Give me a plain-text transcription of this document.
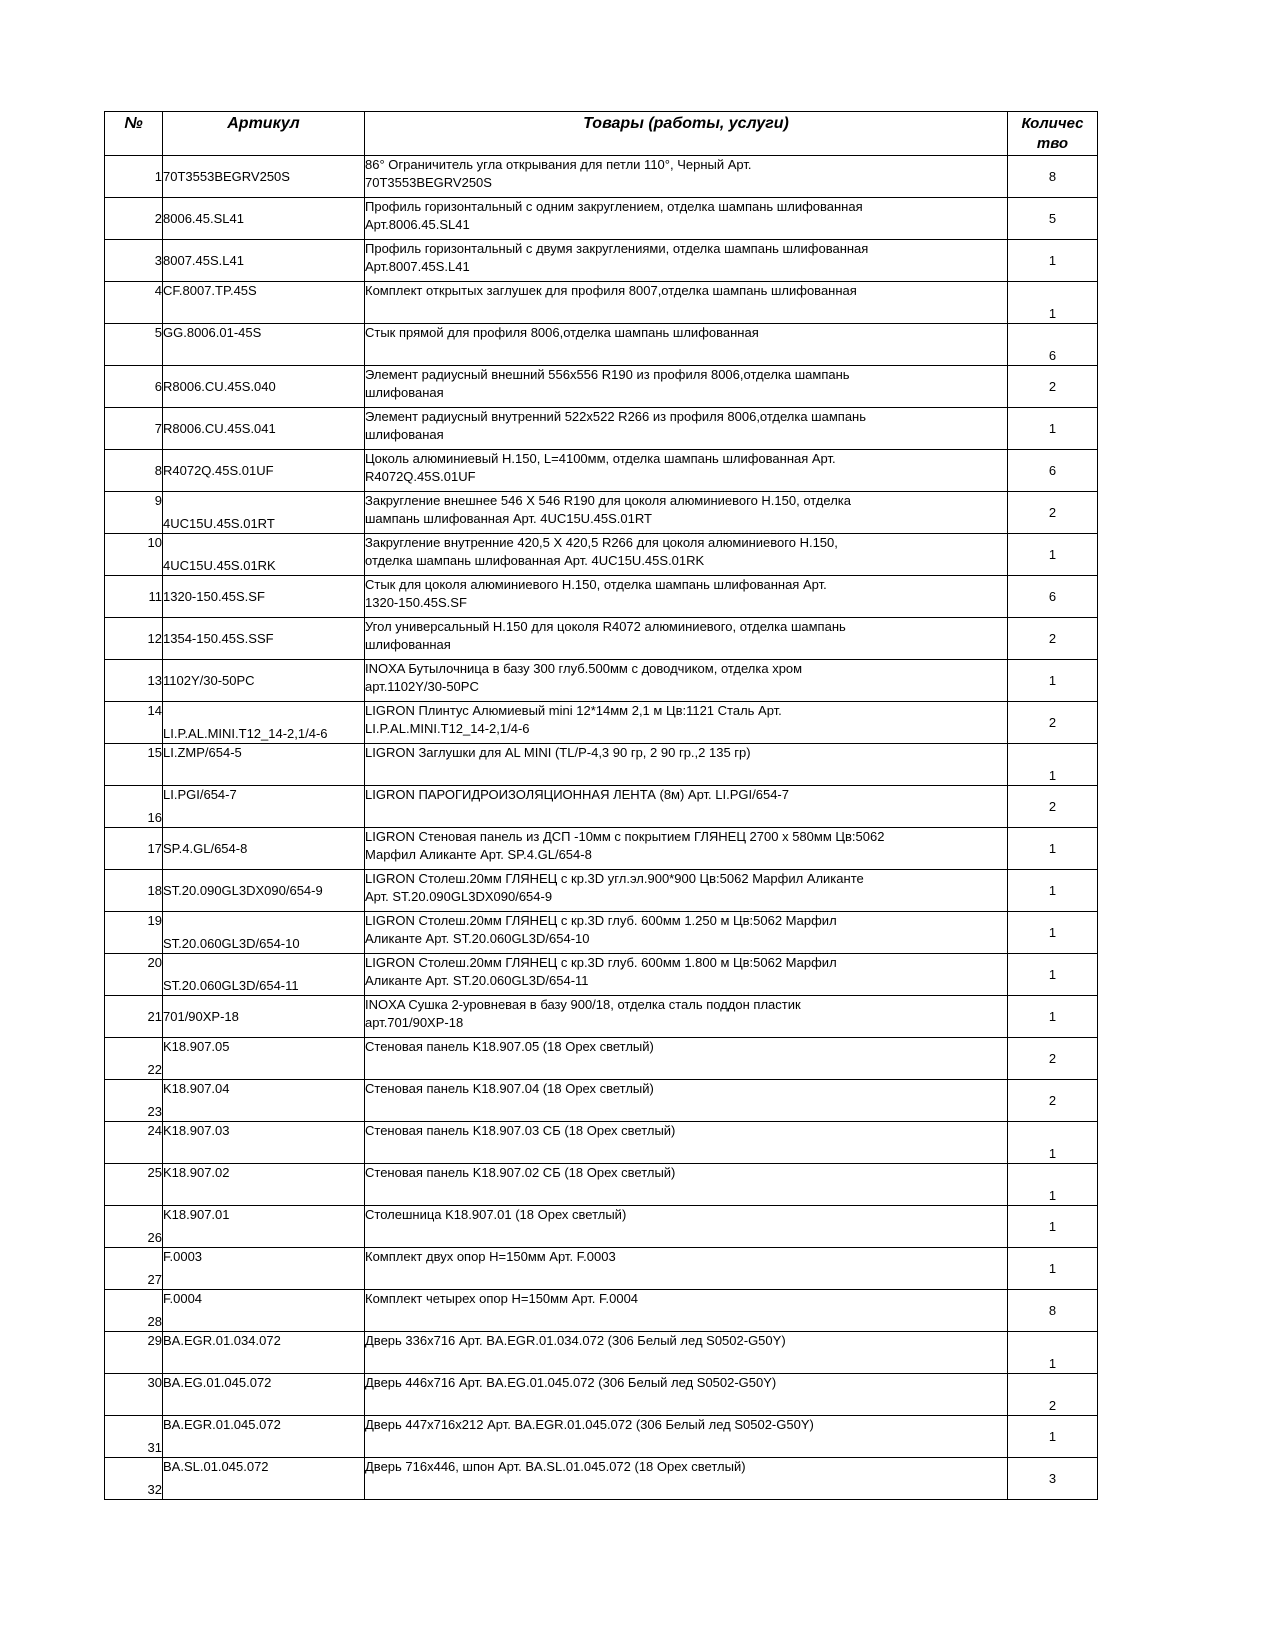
№	Артикул	Товары (работы, услуги)	Количес
тво
1	70T3553BEGRV250S	86° Ограничитель угла открывания для петли 110°, Черный Арт.
70T3553BEGRV250S	8
2	8006.45.SL41	Профиль горизонтальный с одним закруглением, отделка шампань шлифованная
Арт.8006.45.SL41	5
3	8007.45S.L41	Профиль горизонтальный с двумя закруглениями, отделка шампань шлифованная
Арт.8007.45S.L41	1
4	CF.8007.TP.45S	Комплект открытых заглушек для профиля 8007,отделка шампань шлифованная	1
5	GG.8006.01-45S	Стык прямой для профиля 8006,отделка шампань шлифованная	6
6	R8006.CU.45S.040	Элемент радиусный внешний 556x556 R190 из профиля 8006,отделка шампань
шлифованая	2
7	R8006.CU.45S.041	Элемент радиусный внутренний 522x522 R266 из профиля 8006,отделка шампань
шлифованая	1
8	R4072Q.45S.01UF	Цоколь алюминиевый H.150, L=4100мм, отделка шампань шлифованная Арт.
R4072Q.45S.01UF	6
9	4UC15U.45S.01RT	Закругление внешнее 546 X 546 R190 для цоколя алюминиевого H.150, отделка
шампань шлифованная Арт. 4UC15U.45S.01RT	2
10	4UC15U.45S.01RK	Закругление внутренние 420,5 X 420,5 R266 для цоколя алюминиевого H.150,
отделка шампань шлифованная Арт. 4UC15U.45S.01RK	1
11	1320-150.45S.SF	Стык для цоколя алюминиевого H.150, отделка шампань шлифованная Арт.
1320-150.45S.SF	6
12	1354-150.45S.SSF	Угол универсальный H.150 для цоколя R4072 алюминиевого, отделка шампань
шлифованная	2
13	1102Y/30-50PC	INOXA Бутылочница в базу 300 глуб.500мм с доводчиком, отделка хром
арт.1102Y/30-50PC	1
14	LI.P.AL.MINI.T12_14-2,1/4-6	LIGRON Плинтус Алюмиевый mini 12*14мм 2,1 м Цв:1121 Сталь Арт.
LI.P.AL.MINI.T12_14-2,1/4-6	2
15	LI.ZMP/654-5	LIGRON Заглушки для AL MINI (TL/P-4,3 90 гр, 2 90 гр.,2 135 гр)	1
16	LI.PGI/654-7	LIGRON ПАРОГИДРОИЗОЛЯЦИОННАЯ ЛЕНТА (8м) Арт. LI.PGI/654-7	2
17	SP.4.GL/654-8	LIGRON Стеновая панель из ДСП -10мм с покрытием ГЛЯНЕЦ 2700 x 580мм Цв:5062
Марфил Аликанте Арт. SP.4.GL/654-8	1
18	ST.20.090GL3DX090/654-9	LIGRON Столеш.20мм ГЛЯНЕЦ с кр.3D угл.эл.900*900 Цв:5062 Марфил Аликанте
Арт. ST.20.090GL3DX090/654-9	1
19	ST.20.060GL3D/654-10	LIGRON Столеш.20мм ГЛЯНЕЦ с кр.3D глуб. 600мм 1.250 м Цв:5062 Марфил
Аликанте Арт. ST.20.060GL3D/654-10	1
20	ST.20.060GL3D/654-11	LIGRON Столеш.20мм ГЛЯНЕЦ с кр.3D глуб. 600мм 1.800 м Цв:5062 Марфил
Аликанте Арт. ST.20.060GL3D/654-11	1
21	701/90XP-18	INOXA Сушка 2-уровневая в базу 900/18, отделка сталь поддон пластик
арт.701/90XP-18	1
22	K18.907.05	Стеновая панель K18.907.05 (18 Орех светлый)	2
23	K18.907.04	Стеновая панель K18.907.04 (18 Орех светлый)	2
24	K18.907.03	Стеновая панель K18.907.03 СБ (18 Орех светлый)	1
25	K18.907.02	Стеновая панель K18.907.02 СБ (18 Орех светлый)	1
26	K18.907.01	Столешница K18.907.01 (18 Орех светлый)	1
27	F.0003	Комплект двух опор H=150мм Арт. F.0003	1
28	F.0004	Комплект четырех опор H=150мм Арт. F.0004	8
29	BA.EGR.01.034.072	Дверь 336x716 Арт. BA.EGR.01.034.072 (306 Белый лед S0502-G50Y)	1
30	BA.EG.01.045.072	Дверь 446x716 Арт. BA.EG.01.045.072 (306 Белый лед S0502-G50Y)	2
31	BA.EGR.01.045.072	Дверь 447x716x212 Арт. BA.EGR.01.045.072 (306 Белый лед S0502-G50Y)	1
32	BA.SL.01.045.072	Дверь 716x446, шпон Арт. BA.SL.01.045.072 (18 Орех светлый)	3
